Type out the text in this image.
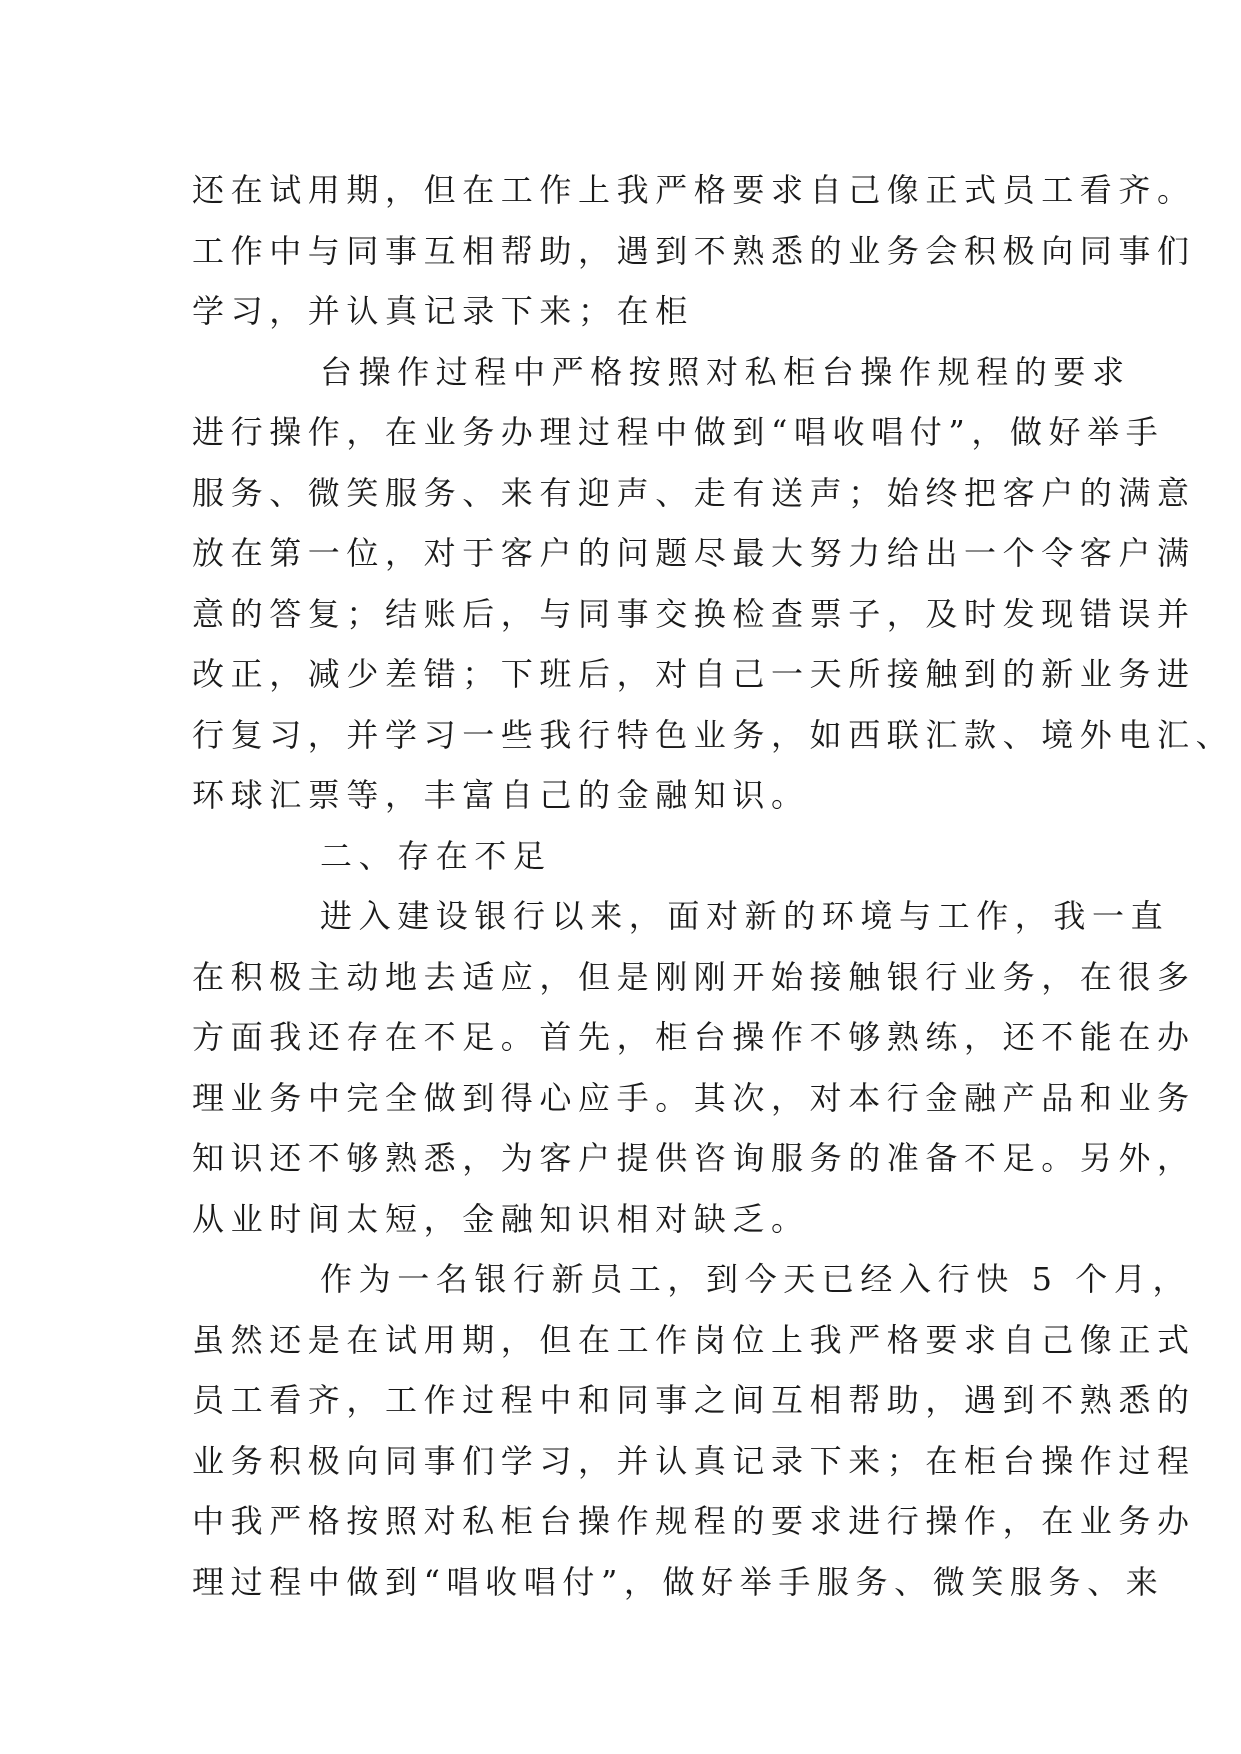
还在试用期，但在工作上我严格要求自己像正式员工看齐。
工作中与同事互相帮助，遇到不熟悉的业务会积极向同事们
学习，并认真记录下来；在柜
台操作过程中严格按照对私柜台操作规程的要求
进行操作，在业务办理过程中做到“唱收唱付”，做好举手
服务、微笑服务、来有迎声、走有送声；始终把客户的满意
放在第一位，对于客户的问题尽最大努力给出一个令客户满
意的答复；结账后，与同事交换检查票子，及时发现错误并
改正，减少差错；下班后，对自己一天所接触到的新业务进
行复习，并学习一些我行特色业务，如西联汇款、境外电汇、
环球汇票等，丰富自己的金融知识。
二、存在不足
进入建设银行以来，面对新的环境与工作，我一直
在积极主动地去适应，但是刚刚开始接触银行业务，在很多
方面我还存在不足。首先，柜台操作不够熟练，还不能在办
理业务中完全做到得心应手。其次，对本行金融产品和业务
知识还不够熟悉，为客户提供咨询服务的准备不足。另外，
从业时间太短，金融知识相对缺乏。
作为一名银行新员工，到今天已经入行快 5 个月，
虽然还是在试用期，但在工作岗位上我严格要求自己像正式
员工看齐，工作过程中和同事之间互相帮助，遇到不熟悉的
业务积极向同事们学习，并认真记录下来；在柜台操作过程
中我严格按照对私柜台操作规程的要求进行操作，在业务办
理过程中做到“唱收唱付”，做好举手服务、微笑服务、来
